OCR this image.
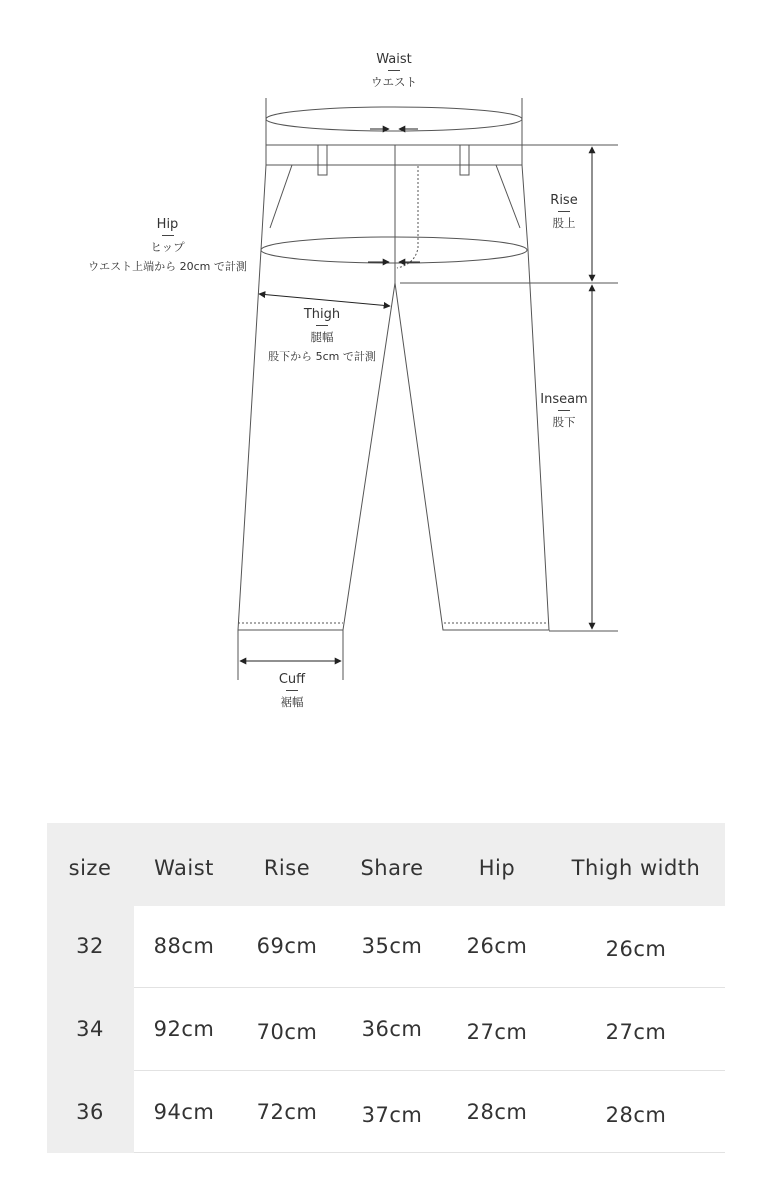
Waist
ウエスト
Rise
股上
Hip
ヒップ
ウエスト上端から 20cm で計測
Thigh
腿幅
股下から 5cm で計測
Inseam
股下
Cuff
裾幅
size	Waist	Rise	Share	Hip	Thigh width
32	88cm	69cm	35cm	26cm	26cm
34	92cm	70cm	36cm	27cm	27cm
36	94cm	72cm	37cm	28cm	28cm
